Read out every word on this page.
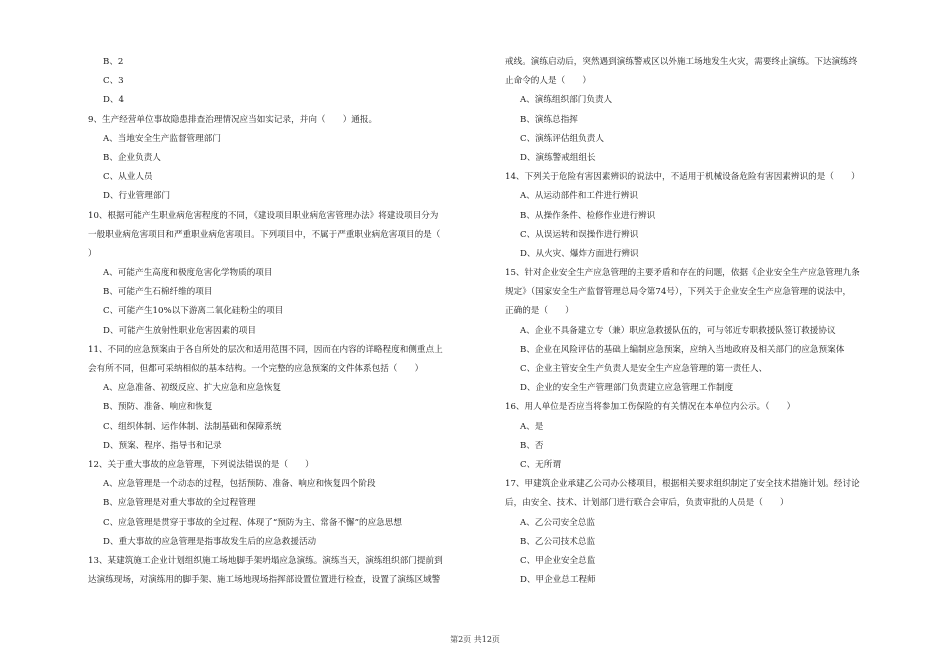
B、2
C、3
D、4
9、生产经营单位事故隐患排查治理情况应当如实记录，并向（　　）通报。
A、当地安全生产监督管理部门
B、企业负责人
C、从业人员
D、行业管理部门
10、根据可能产生职业病危害程度的不同，《建设项目职业病危害管理办法》将建设项目分为
一般职业病危害项目和严重职业病危害项目。下列项目中，不属于严重职业病危害项目的是（
）
A、可能产生高度和极度危害化学物质的项目
B、可能产生石棉纤维的项目
C、可能产生10%以下游离二氧化硅粉尘的项目
D、可能产生放射性职业危害因素的项目
11、不同的应急预案由于各自所处的层次和适用范围不同，因而在内容的详略程度和侧重点上
会有所不同，但都可采纳相似的基本结构。一个完整的应急预案的文件体系包括（　　）
A、应急准备、初级反应、扩大应急和应急恢复
B、预防、准备、响应和恢复
C、组织体制、运作体制、法制基础和保障系统
D、预案、程序、指导书和记录
12、关于重大事故的应急管理，下列说法错误的是（　　）
A、应急管理是一个动态的过程，包括预防、准备、响应和恢复四个阶段
B、应急管理是对重大事故的全过程管理
C、应急管理是贯穿于事故的全过程、体现了“预防为主、常备不懈”的应急思想
D、重大事故的应急管理是指事故发生后的应急救援活动
13、某建筑施工企业计划组织施工场地脚手架坍塌应急演练。演练当天，演练组织部门提前到
达演练现场，对演练用的脚手架、施工场地现场指挥部设置位置进行检查，设置了演练区域警
戒线。演练启动后，突然遇到演练警戒区以外施工场地发生火灾，需要终止演练。下达演练终
止命令的人是（　　）
A、演练组织部门负责人
B、演练总指挥
C、演练评估组负责人
D、演练警戒组组长
14、下列关于危险有害因素辨识的说法中，不适用于机械设备危险有害因素辨识的是（　　）
A、从运动部件和工件进行辨识
B、从操作条件、检修作业进行辨识
C、从误运转和误操作进行辨识
D、从火灾、爆炸方面进行辨识
15、针对企业安全生产应急管理的主要矛盾和存在的问题，依据《企业安全生产应急管理九条
规定》（国家安全生产监督管理总局令第74号），下列关于企业安全生产应急管理的说法中，
正确的是（　　）
A、企业不具备建立专（兼）职应急救援队伍的，可与邻近专职救援队签订救援协议
B、企业在风险评估的基础上编制应急预案，应纳入当地政府及相关部门的应急预案体
C、企业主管安全生产负责人是安全生产应急管理的第一责任人、
D、企业的安全生产管理部门负责建立应急管理工作制度
16、用人单位是否应当将参加工伤保险的有关情况在本单位内公示。（　　）
A、是
B、否
C、无所谓
17、甲建筑企业承建乙公司办公楼项目，根据相关要求组织制定了安全技术措施计划。经讨论
后，由安全、技术、计划部门进行联合会审后，负责审批的人员是（　　）
A、乙公司安全总监
B、乙公司技术总监
C、甲企业安全总监
D、甲企业总工程师
第2页 共12页
